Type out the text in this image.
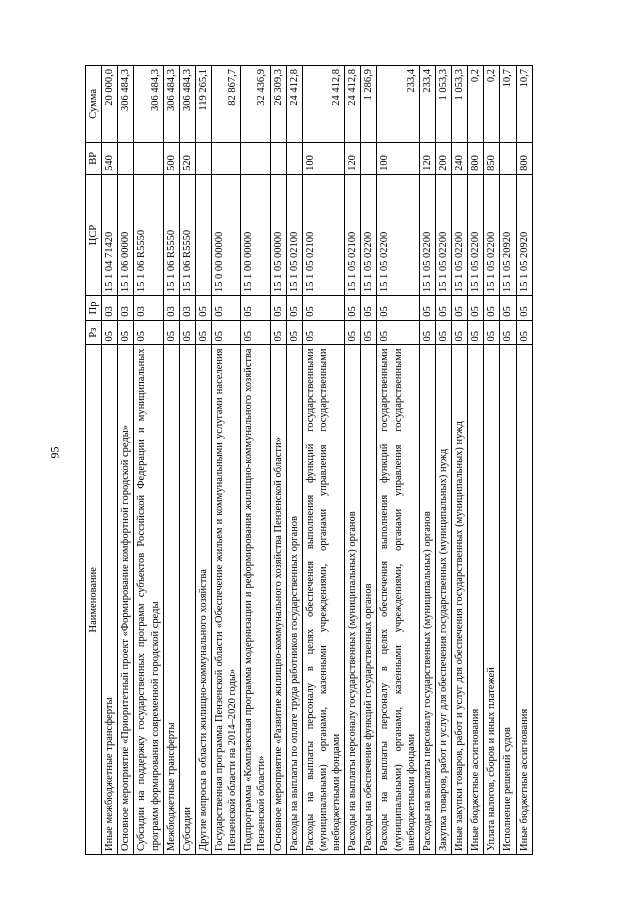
95
Наименование	Рз	Пр	ЦСР	ВР	Сумма
Иные межбюджетные трансферты	05	03	15 1 04 71420	540	20 000,0
Основное мероприятие «Приоритетный проект «Формирование комфортной городской среды»	05	03	15 1 06 00000		306 484,3
Субсидии на поддержку государственных программ субъектов Российской Федерации и муниципальных программ формирования современной городской среды	05	03	15 1 06 R5550		306 484,3
Межбюджетные трансферты	05	03	15 1 06 R5550	500	306 484,3
Субсидии	05	03	15 1 06 R5550	520	306 484,3
Другие вопросы в области жилищно-коммунального хозяйства	05	05			119 265,1
Государственная программа Пензенской области «Обеспечение жильем и коммунальными услугами населения Пензенской области на 2014–2020 годы»	05	05	15 0 00 00000		82 867,7
Подпрограмма «Комплексная программа модернизации и реформирования жилищно-коммунального хозяйства Пензенской области»	05	05	15 1 00 00000		32 436,9
Основное мероприятие «Развитие жилищно-коммунального хозяйства Пензенской области»	05	05	15 1 05 00000		26 309,3
Расходы на выплаты по оплате труда работников государственных органов	05	05	15 1 05 02100		24 412,8
Расходы на выплаты персоналу в целях обеспечения выполнения функций государственными (муниципальными) органами, казенными учреждениями, органами управления государственными внебюджетными фондами	05	05	15 1 05 02100	100	24 412,8
Расходы на выплаты персоналу государственных (муниципальных) органов	05	05	15 1 05 02100	120	24 412,8
Расходы на обеспечение функций государственных органов	05	05	15 1 05 02200		1 286,9
Расходы на выплаты персоналу в целях обеспечения выполнения функций государственными (муниципальными) органами, казенными учреждениями, органами управления государственными внебюджетными фондами	05	05	15 1 05 02200	100	233,4
Расходы на выплаты персоналу государственных (муниципальных) органов	05	05	15 1 05 02200	120	233,4
Закупка товаров, работ и услуг для обеспечения государственных (муниципальных) нужд	05	05	15 1 05 02200	200	1 053,3
Иные закупки товаров, работ и услуг для обеспечения государственных (муниципальных) нужд	05	05	15 1 05 02200	240	1 053,3
Иные бюджетные ассигнования	05	05	15 1 05 02200	800	0,2
Уплата налогов, сборов и иных платежей	05	05	15 1 05 02200	850	0,2
Исполнение решений судов	05	05	15 1 05 20920		10,7
Иные бюджетные ассигнования	05	05	15 1 05 20920	800	10,7
